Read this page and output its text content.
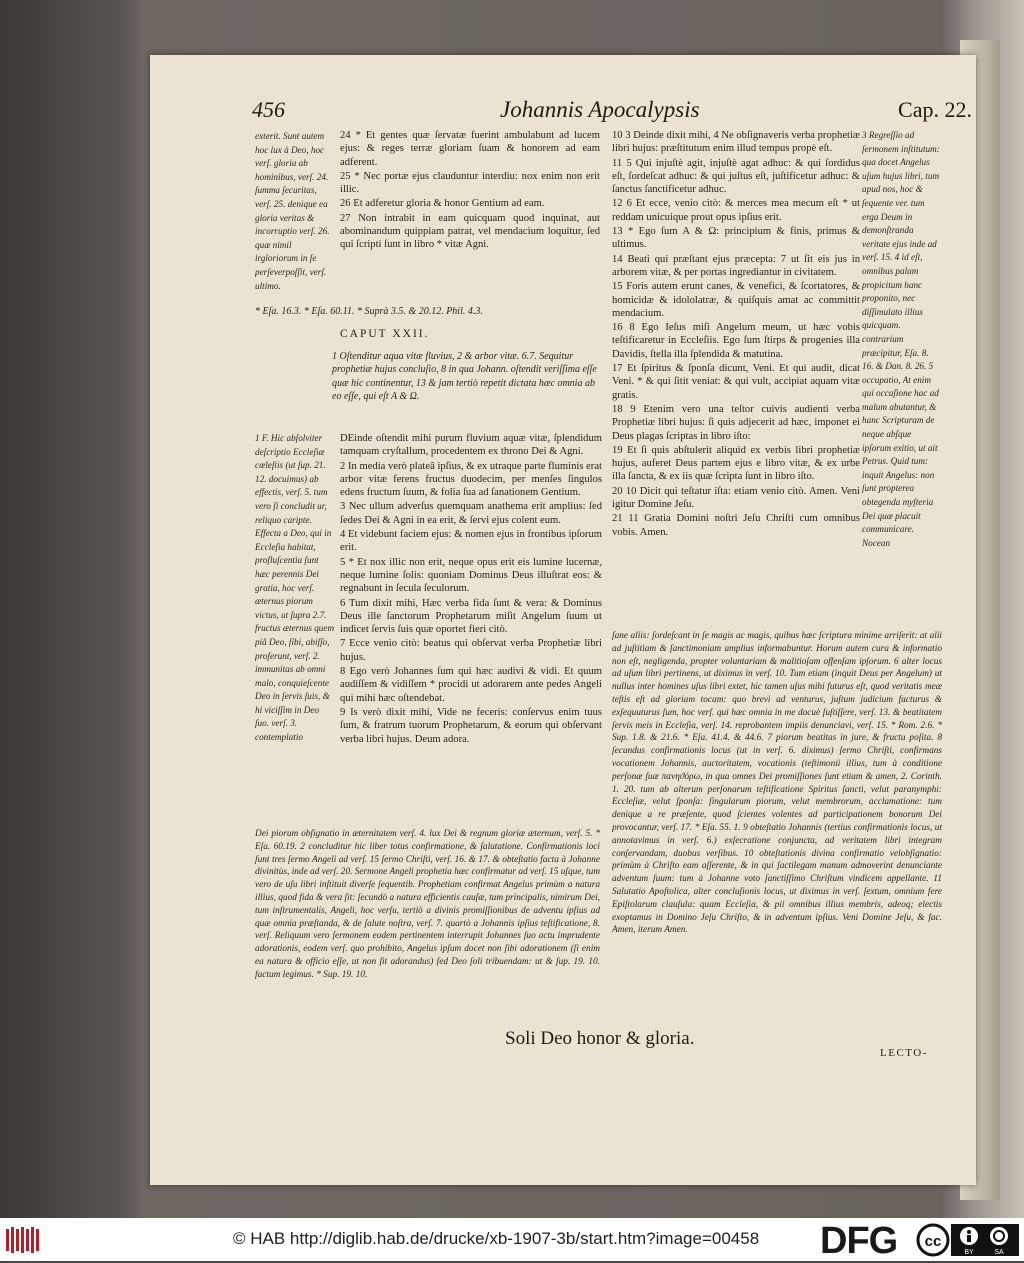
456	Johannis Apocalypsis	Cap. 22.

exterit. Sunt autem hoc lux à Deo, hoc verſ. gloria ab hominibus, verſ. 24. ſumma ſecuritas, verſ. 25. denique ea gloria veritas & incorruptio verſ. 26. quæ nimil irgloriorum in ſe perſeverpoſſit, verſ. ultimo.

24 * Et gentes quæ ſervatæ fuerint ambulabunt ad lucem ejus: & reges terræ gloriam ſuam & honorem ad eam adferent.

25 * Nec portæ ejus clauduntur interdiu: nox enim non erit illic.

26 Et adferetur gloria & honor Gentium ad eam.

27 Non intrabit in eam quicquam quod inquinat, aut abominandum quippiam patrat, vel mendacium loquitur, ſed qui ſcripti ſunt in libro * vitæ Agni.

* Eſa. 16.3. * Eſa. 60.11. * Suprà 3.5. & 20.12. Phil. 4.3.
CAPUT XXII.
1 Oſtenditur aqua vitæ fluvius, 2 & arbor vitæ. 6.7. Sequitur prophetiæ hujus concluſio, 8 in qua Johann. oſtendit veriſſima eſſe quæ hic continentur, 13 & jam tertiò repetit dictata hæc omnia ab eo eſſe, qui eſt A & Ω.

1 F. Hic abſolviter deſcriptio Eccleſiæ cœleſtis (ut ſup. 21. 12. docuimus) ab effectis, verſ. 5. tum vero ſi concludit ur, reliquo caripte. Effecta a Deo, qui in Eccleſia habitat, profluſcentia ſunt hæc perennis Dei gratia, hoc verſ. æternus piorum victus, ut ſupra 2.7. fructus æternus quem piâ Deo, ſibi, abiſſo, proferunt, verſ. 2. immunitas ab omni malo, conquieſcente Deo in ſervis ſuis, & hi viciſſim in Deo ſuo. verſ. 3. contemplatio

DEinde oſtendit mihi purum fluvium aquæ vitæ, ſplendidum tamquam cryſtallum, procedentem ex throno Dei & Agni.

2 In media verò plateâ ipſius, & ex utraque parte fluminis erat arbor vitæ ferens fructus duodecim, per menſes ſingulos edens fructum ſuum, & folia ſua ad ſanationem Gentium.

3 Nec ullum adverſus quemquam anathema erit amplius: ſed ſedes Dei & Agni in ea erit, & ſervi ejus colent eum.

4 Et videbunt faciem ejus: & nomen ejus in frontibus ipſorum erit.

5 * Et nox illic non erit, neque opus erit eis lumine lucernæ, neque lumine ſolis: quoniam Dominus Deus illuſtrat eos: & regnabunt in ſecula ſeculorum.

6 Tum dixit mihi, Hæc verba fida ſunt & vera: & Dominus Deus ille ſanctorum Prophetarum miſit Angelum ſuum ut indicet ſervis ſuis quæ oportet fieri citò.

7 Ecce venio citò: beatus qui obſervat verba Prophetiæ libri hujus.

8 Ego verò Johannes ſum qui hæc audivi & vidi. Et quum audiſſem & vidiſſem * procidi ut adorarem ante pedes Angeli qui mihi hæc oſtendebat.

9 Is verò dixit mihi, Vide ne feceris: conſervus enim tuus ſum, & fratrum tuorum Prophetarum, & eorum qui obſervant verba libri hujus. Deum adora.

Dei piorum obſignatio in æternitatem verſ. 4. lux Dei & regnum gloriæ æternum, verſ. 5. * Eſa. 60.19. 2 concluditur hic liber totus confirmatione, & ſalutatione. Confirmationis loci ſunt tres ſermo Angeli ad verſ. 15 ſermo Chriſti, verſ. 16. & 17. & obteſtatio facta à Johanne divinitùs, inde ad verſ. 20. Sermone Angeli prophetia hæc confirmatur ad verſ. 15 uſque, tum vero de uſu libri inſtituit diverſe ſequentib. Prophetiam confirmat Angelus primùm a natura illius, quod fida & vera ſit: ſecundò a natura efficientis cauſæ, tum principalis, nimirum Dei, tum inſtrumentalis, Angeli, hoc verſu, tertiò a divinis promiſſionibus de adventu ipſius ad quæ omnia præſtanda, & de ſalute noſtra, verſ. 7. quartò a Johannis ipſius teſtificatione, 8. verſ. Reliquum vero ſermonem eodem pertinentem interrupit Johannes ſuo actu imprudente adorationis, eodem verſ. quo prohibito, Angelus ipſum docet non ſibi adorationem (ſi enim ea natura & officio eſſe, ut non ſit adorandus) ſed Deo ſoli tribuendam: ut & ſup. 19. 10. factum legimus. * Sup. 19. 10.

10 3 Deinde dixit mihi, 4 Ne obſignaveris verba prophetiæ libri hujus: præſtitutum enim illud tempus propè eſt.

11 5 Qui injuſtè agit, injuſtè agat adhuc: & qui ſordidus eſt, ſordeſcat adhuc: & qui juſtus eſt, juſtificetur adhuc: & ſanctus ſanctificetur adhuc.

12 6 Et ecce, venio citò: & merces mea mecum eſt * ut reddam unicuique prout opus ipſius erit.

13 * Ego ſum A & Ω: principium & finis, primus & ultimus.

14 Beati qui præſtant ejus præcepta: 7 ut ſit eis jus in arborem vitæ, & per portas ingrediantur in civitatem.

15 Foris autem erunt canes, & venefici, & ſcortatores, & homicidæ & idololatræ, & quiſquis amat ac committit mendacium.

16 8 Ego Ieſus miſi Angelum meum, ut hæc vobis teſtificaretur in Eccleſiis. Ego ſum ſtirps & progenies illa Davidis, ſtella illa ſplendida & matutina.

17 Et ſpiritus & ſponſa dicunt, Veni. Et qui audit, dicat Veni. * & qui ſitit veniat: & qui vult, accipiat aquam vitæ gratis.

18 9 Etenim vero una teſtor cuivis audienti verba Prophetiæ libri hujus: ſi quis adjecerit ad hæc, imponet ei Deus plagas ſcriptas in libro iſto:

19 Et ſi quis abſtulerit aliquid ex verbis libri prophetiæ hujus, auferet Deus partem ejus e libro vitæ, & ex urbe illa ſancta, & ex iis quæ ſcripta ſunt in libro iſto.

20 10 Dicit qui teſtatur iſta: etiam venio citò. Amen. Veni igitur Domine Jeſu.

21 11 Gratia Domini noſtri Jeſu Chriſti cum omnibus vobis. Amen.

3 Regreſſio ad ſermonem inſtitutum: qua docet Angelus uſum hujus libri, tum apud nos, hoc & ſequente ver. tum erga Deum in demonſtranda veritate ejus inde ad verſ. 15. 4 id eſt, omnibus palam propicitum hanc proponito, nec diſſimulato illius quicquam. contrarium præcipitur, Eſa. 8. 16. & Dan. 8. 26. 5 occupatio, At enim qui occaſione hac ad malum abutantur, & hanc Scripturam de neque abſque ipſorum exitio, ut ait Petrus. Quid tum: inquit Angelus: non ſunt propterea obtegenda myſteria Dei quæ placuit communicare. Nocean

ſane aliis: ſordeſcant in ſe magis ac magis, quibus hæc ſcriptura minime arriſerit: at alii ad juſtitiam & ſanctimoniam amplius informabuntur. Horum autem cura & informatio non eſt, negligenda, propter voluntariam & malitioſam offenſam ipſorum. 6 alter locus ad uſum libri pertinens, ut diximus in verſ. 10. Tum etiam (inquit Deus per Angelum) ut nullus inter homines uſus libri extet, hic tamen uſus mihi futurus eſt, quod veritatis meæ teſtis eſt ad gloriam tocam: quo brevi ad venturus, juſtum judicium facturus & exſequuturus ſum, hoc verſ. qui hæc omnia in me docuè ſuſtiſſere, verſ. 13. & beatitatem ſervis meis in Eccleſia, verſ. 14. reprobantem impiis denunciavi, verſ. 15. * Rom. 2.6. * Sup. 1.8. & 21.6. * Eſa. 41.4. & 44.6. 7 piorum beatitas in jure, & fructu poſita. 8 ſecundus confirmationis locus (ut in verſ. 6. diximus) ſermo Chriſti, confirmans vocationem Johannis, auctoritatem, vocationis (teſtimonii illius, tum à conditione perſonæ ſuæ πανηϑόρω, in qua omnes Dei promiſſiones ſunt etiam & amen, 2. Corinth. 1. 20. tum ab alterum perſonarum teſtificatione Spiritus ſancti, velut paranymphi: Eccleſiæ, velut ſponſa: ſingularum piorum, velut membrorum, acclamatione: tum denique a re præſente, quod ſcientes volentes ad participationem bonorum Dei provocantur, verſ. 17. * Eſa. 55. 1. 9 obteſtatio Johannis (tertius confirmationis locus, ut annotavimus in verſ. 6.) exſecratione conjuncta, ad veritatem libri integram conſervandam, duobus verſibus. 10 obteſtationis divina confirmatio velobſignatio: primùm à Chriſto eam aſſerente, & in qui ſactilegam manum admoverint denunciante adventum ſuum: tum à Johanne voto ſanctiſſimo Chriſtum vindicem appellante. 11 Salutatio Apoſtolica, alter concluſionis locus, ut diximus in verſ. ſextum, omnium fere Epiſtolarum clauſula: quam Eccleſia, & pii omnibus illius membris, adeoq; electis exoptamus in Domino Jeſu Chriſto, & in adventum ipſius. Veni Domine Jeſu, & fac. Amen, iterum Amen.

Soli Deo honor & gloria.
LECTO-
© HAB http://diglib.hab.de/drucke/xb-1907-3b/start.htm?image=00458 DFG cc
BY	SA
